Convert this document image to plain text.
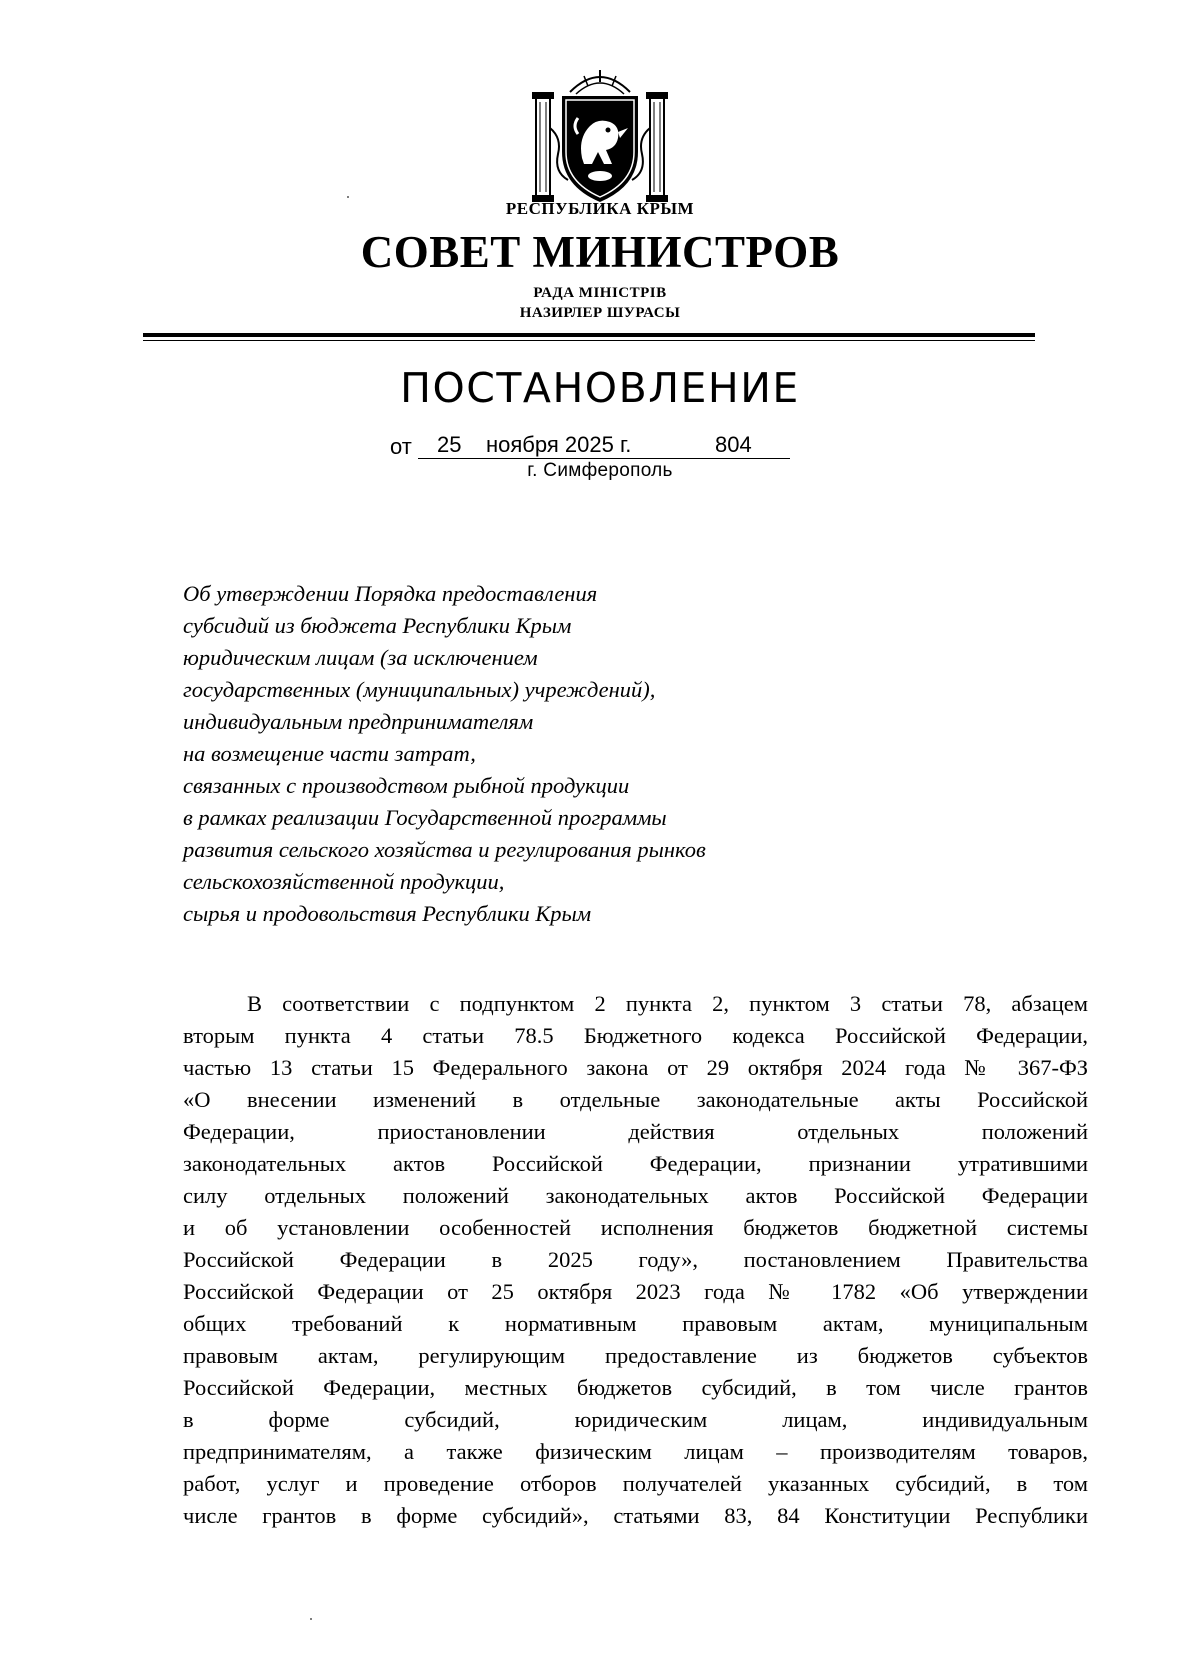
РЕСПУБЛИКА КРЫМ
СОВЕТ МИНИСТРОВ
РАДА МІНІСТРІВ
НАЗИРЛЕР ШУРАСЫ
ПОСТАНОВЛЕНИЕ
от 25 ноября 2025 г.	804
г. Симферополь
Об утверждении Порядка предоставления
субсидий из бюджета Республики Крым
юридическим лицам (за исключением
государственных (муниципальных) учреждений),
индивидуальным предпринимателям
на возмещение части затрат,
связанных с производством рыбной продукции
в рамках реализации Государственной программы
развития сельского хозяйства и регулирования рынков
сельскохозяйственной продукции,
сырья и продовольствия Республики Крым
В соответствии с подпунктом 2 пункта 2, пунктом 3 статьи 78, абзацем
вторым пункта 4 статьи 78.5 Бюджетного кодекса Российской Федерации,
частью 13 статьи 15 Федерального закона от 29 октября 2024 года № 367-ФЗ
«О внесении изменений в отдельные законодательные акты Российской
Федерации, приостановлении действия отдельных положений
законодательных актов Российской Федерации, признании утратившими
силу отдельных положений законодательных актов Российской Федерации
и об установлении особенностей исполнения бюджетов бюджетной системы
Российской Федерации в 2025 году», постановлением Правительства
Российской Федерации от 25 октября 2023 года № 1782 «Об утверждении
общих требований к нормативным правовым актам, муниципальным
правовым актам, регулирующим предоставление из бюджетов субъектов
Российской Федерации, местных бюджетов субсидий, в том числе грантов
в форме субсидий, юридическим лицам, индивидуальным
предпринимателям, а также физическим лицам – производителям товаров,
работ, услуг и проведение отборов получателей указанных субсидий, в том
числе грантов в форме субсидий», статьями 83, 84 Конституции Республики
